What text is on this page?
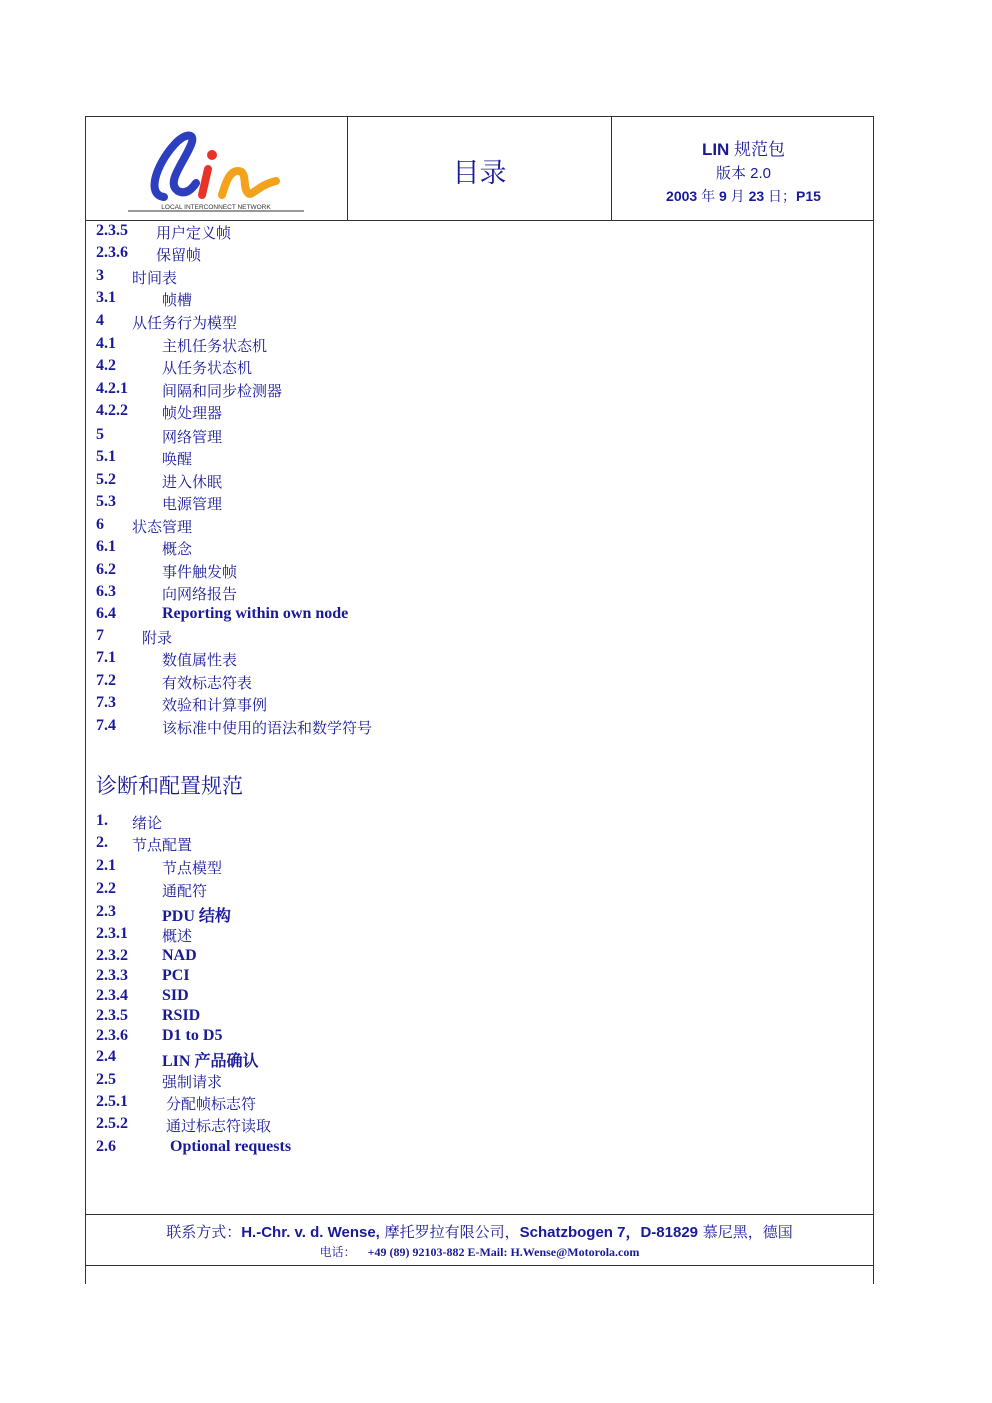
LOCAL INTERCONNECT NETWORK
目录
LIN 规范包
版本 2.0
2003 年 9 月 23 日；P15
2.3.5 用户定义帧
2.3.6 保留帧
3 时间表
3.1	帧槽
4 从任务行为模型
4.1	主机任务状态机
4.2	从任务状态机
4.2.1 间隔和同步检测器
4.2.2 帧处理器
5	网络管理
5.1	唤醒
5.2	进入休眠
5.3	电源管理
6 状态管理
6.1	概念
6.2	事件触发帧
6.3	向网络报告
6.4	Reporting within own node
7	附录
7.1	数值属性表
7.2	有效标志符表
7.3	效验和计算事例
7.4	该标准中使用的语法和数学符号
诊断和配置规范
1. 绪论
2. 节点配置
2.1	节点模型
2.2	通配符
2.3	PDU 结构
2.3.1 概述
2.3.2 NAD
2.3.3 PCI
2.3.4 SID
2.3.5 RSID
2.3.6 D1 to D5
2.4	LIN 产品确认
2.5	强制请求
2.5.1	分配帧标志符
2.5.2	通过标志符读取
2.6	Optional requests
联系方式：H.-Chr. v. d. Wense, 摩托罗拉有限公司，Schatzbogen 7，D-81829 慕尼黑，德国
电话： +49 (89) 92103-882 E-Mail: H.Wense@Motorola.com
